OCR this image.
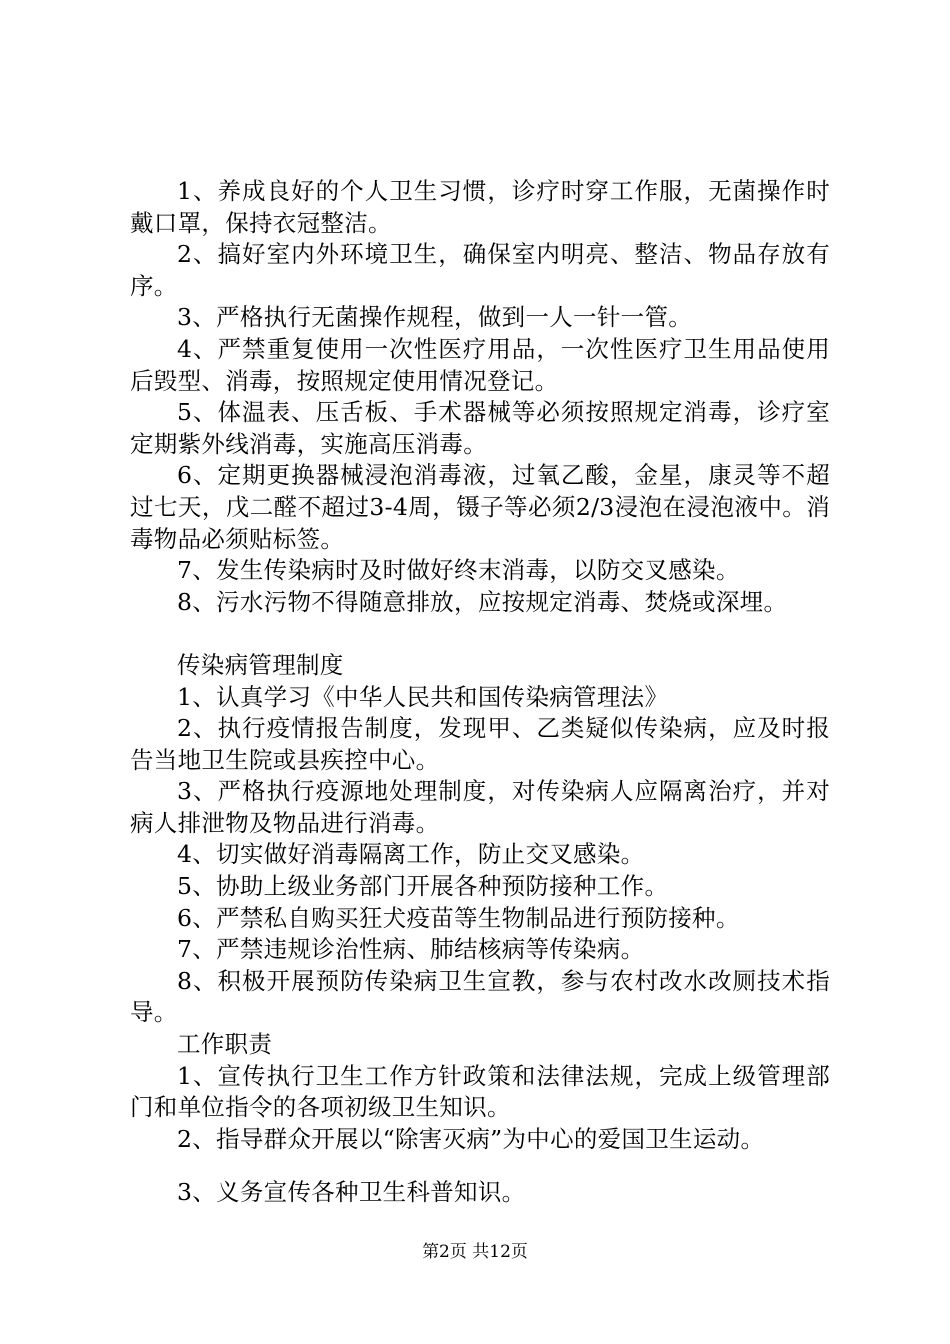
1、养成良好的个人卫生习惯，诊疗时穿工作服，无菌操作时戴口罩，保持衣冠整洁。

2、搞好室内外环境卫生，确保室内明亮、整洁、物品存放有序。

3、严格执行无菌操作规程，做到一人一针一管。

4、严禁重复使用一次性医疗用品，一次性医疗卫生用品使用后毁型、消毒，按照规定使用情况登记。

5、体温表、压舌板、手术器械等必须按照规定消毒，诊疗室定期紫外线消毒，实施高压消毒。

6、定期更换器械浸泡消毒液，过氧乙酸，金星，康灵等不超过七天，戊二醛不超过3-4周，镊子等必须2/3浸泡在浸泡液中。消毒物品必须贴标签。

7、发生传染病时及时做好终末消毒，以防交叉感染。

8、污水污物不得随意排放，应按规定消毒、焚烧或深埋。

传染病管理制度

1、认真学习《中华人民共和国传染病管理法》

2、执行疫情报告制度，发现甲、乙类疑似传染病，应及时报告当地卫生院或县疾控中心。

3、严格执行疫源地处理制度，对传染病人应隔离治疗，并对病人排泄物及物品进行消毒。

4、切实做好消毒隔离工作，防止交叉感染。

5、协助上级业务部门开展各种预防接种工作。

6、严禁私自购买狂犬疫苗等生物制品进行预防接种。

7、严禁违规诊治性病、肺结核病等传染病。

8、积极开展预防传染病卫生宣教，参与农村改水改厕技术指导。

工作职责

1、宣传执行卫生工作方针政策和法律法规，完成上级管理部门和单位指令的各项初级卫生知识。

2、指导群众开展以“除害灭病”为中心的爱国卫生运动。

3、义务宣传各种卫生科普知识。

第2页 共12页
